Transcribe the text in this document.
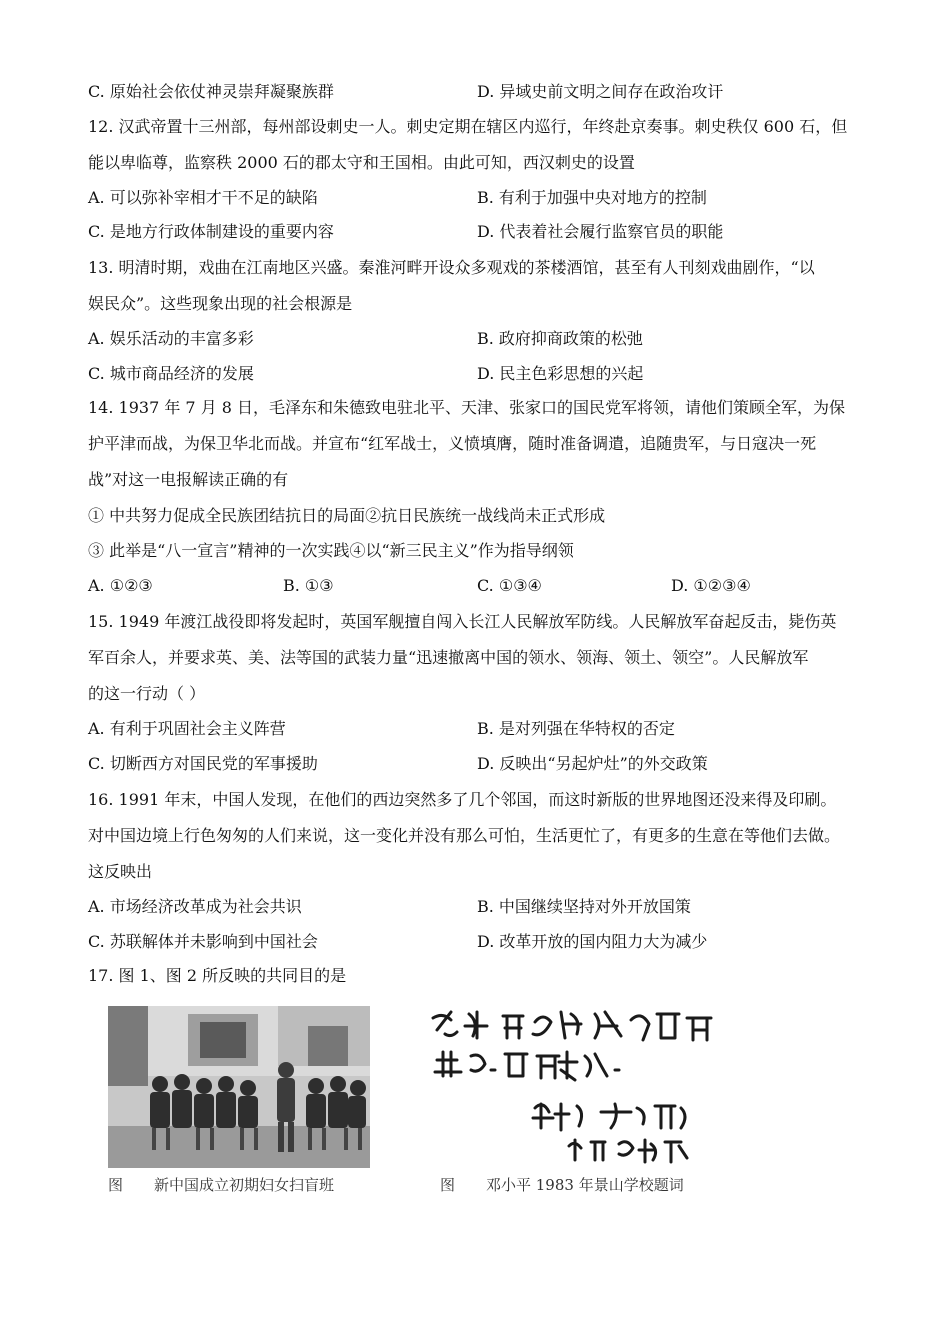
C. 原始社会依仗神灵崇拜凝聚族群	D. 异域史前文明之间存在政治攻讦
12. 汉武帝置十三州部，每州部设刺史一人。刺史定期在辖区内巡行，年终赴京奏事。刺史秩仅 600 石，但
能以卑临尊，监察秩 2000 石的郡太守和王国相。由此可知，西汉刺史的设置
A. 可以弥补宰相才干不足的缺陷	B. 有利于加强中央对地方的控制
C. 是地方行政体制建设的重要内容	D. 代表着社会履行监察官员的职能
13. 明清时期，戏曲在江南地区兴盛。秦淮河畔开设众多观戏的茶楼酒馆，甚至有人刊刻戏曲剧作，“以
娱民众”。这些现象出现的社会根源是
A. 娱乐活动的丰富多彩	B. 政府抑商政策的松弛
C. 城市商品经济的发展	D. 民主色彩思想的兴起
14. 1937 年 7 月 8 日，毛泽东和朱德致电驻北平、天津、张家口的国民党军将领，请他们策顾全军，为保
护平津而战，为保卫华北而战。并宣布“红军战士，义愤填膺，随时准备调遣，追随贵军，与日寇决一死
战”对这一电报解读正确的有
① 中共努力促成全民族团结抗日的局面②抗日民族统一战线尚未正式形成
③ 此举是“八一宣言”精神的一次实践④以“新三民主义”作为指导纲领
A. ①②③	B. ①③	C. ①③④	D. ①②③④
15. 1949 年渡江战役即将发起时，英国军舰擅自闯入长江人民解放军防线。人民解放军奋起反击，毙伤英
军百余人，并要求英、美、法等国的武装力量“迅速撤离中国的领水、领海、领土、领空”。人民解放军
的这一行动（ ）
A. 有利于巩固社会主义阵营	B. 是对列强在华特权的否定
C. 切断西方对国民党的军事援助	D. 反映出“另起炉灶”的外交政策
16. 1991 年末，中国人发现，在他们的西边突然多了几个邻国，而这时新版的世界地图还没来得及印刷。
对中国边境上行色匆匆的人们来说，这一变化并没有那么可怕，生活更忙了，有更多的生意在等他们去做。
这反映出
A. 市场经济改革成为社会共识	B. 中国继续坚持对外开放国策
C. 苏联解体并未影响到中国社会	D. 改革开放的国内阻力大为减少
17. 图 1、图 2 所反映的共同目的是
图 新中国成立初期妇女扫盲班	图 邓小平 1983 年景山学校题词
